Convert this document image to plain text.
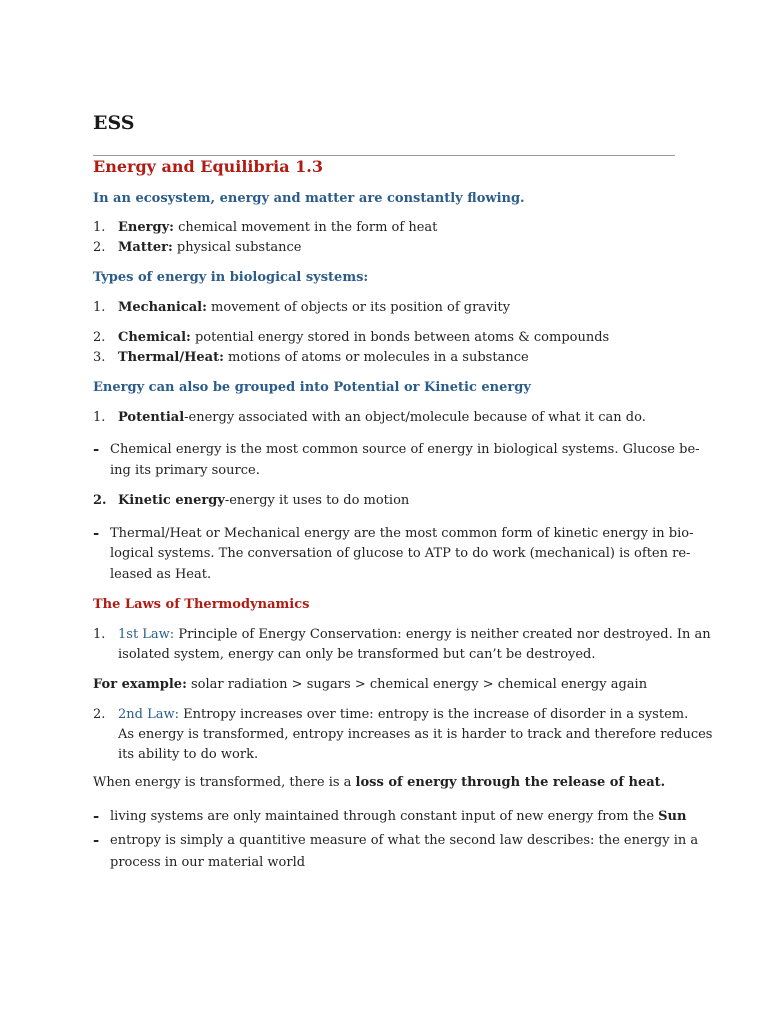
ESS
Energy and Equilibria 1.3
In an ecosystem, energy and matter are constantly flowing.
1. Energy: chemical movement in the form of heat
2. Matter: physical substance
Types of energy in biological systems:
1. Mechanical: movement of objects or its position of gravity
2. Chemical: potential energy stored in bonds between atoms & compounds
3. Thermal/Heat: motions of atoms or molecules in a substance
Energy can also be grouped into Potential or Kinetic energy
1. Potential-energy associated with an object/molecule because of what it can do.
- Chemical energy is the most common source of energy in biological systems. Glucose be-
ing its primary source.
2. Kinetic energy-energy it uses to do motion
- Thermal/Heat or Mechanical energy are the most common form of kinetic energy in bio-
logical systems. The conversation of glucose to ATP to do work (mechanical) is often re-
leased as Heat.
The Laws of Thermodynamics
1. 1st Law: Principle of Energy Conservation: energy is neither created nor destroyed. In an
isolated system, energy can only be transformed but can’t be destroyed.
For example: solar radiation > sugars > chemical energy > chemical energy again
2. 2nd Law: Entropy increases over time: entropy is the increase of disorder in a system.
As energy is transformed, entropy increases as it is harder to track and therefore reduces
its ability to do work.
When energy is transformed, there is a loss of energy through the release of heat.
- living systems are only maintained through constant input of new energy from the Sun
- entropy is simply a quantitive measure of what the second law describes: the energy in a
process in our material world
